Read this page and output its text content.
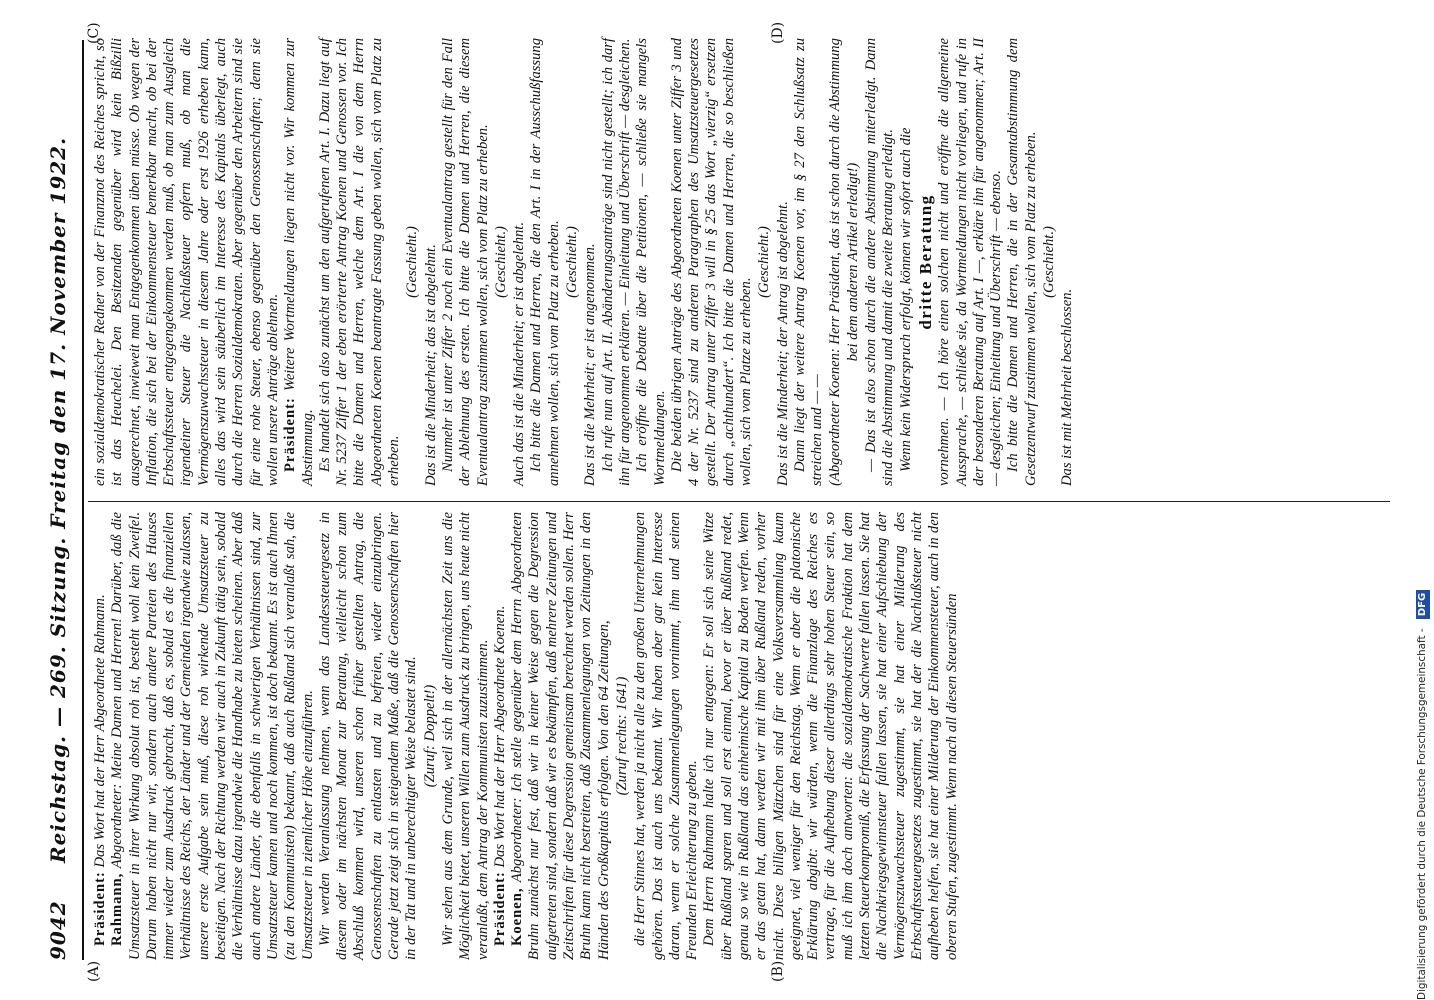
9042
Reichstag. — 269. Sitzung. Freitag den 17. November 1922.
(A)	(B)
(C)	(D)

Präsident: Das Wort hat der Herr Abgeordnete Rahmann.

Rahmann, Abgeordneter: Meine Damen und Herren! Darüber, daß die Umsatzsteuer in ihrer Wirkung absolut roh ist, besteht wohl kein Zweifel. Darum haben nicht nur wir, sondern auch andere Parteien des Hauses immer wieder zum Ausdruck gebracht, daß es, sobald es die finanziellen Verhältnisse des Reichs, der Länder und der Gemeinden irgendwie zulassen, unsere erste Aufgabe sein muß, diese roh wirkende Umsatzsteuer zu beseitigen. Nach der Richtung werden wir auch in Zukunft tätig sein, sobald die Verhältnisse dazu irgendwie die Handhabe zu bieten scheinen. Aber daß auch andere Länder, die ebenfalls in schwierigen Verhältnissen sind, zur Umsatzsteuer kamen und noch kommen, ist doch bekannt. Es ist auch Ihnen (zu den Kommunisten) bekannt, daß auch Rußland sich veranlaßt sah, die Umsatzsteuer in ziemlicher Höhe einzuführen. Wir werden Veranlassung nehmen, wenn das Landessteuergesetz in diesem oder im nächsten Monat zur Beratung, vielleicht schon zum Abschluß kommen wird, unseren schon früher gestellten Antrag, die Genossenschaften zu entlasten und zu befreien, wieder einzubringen. Gerade jetzt zeigt sich in steigendem Maße, daß die Genossenschaften hier in der Tat und in unberechtigter Weise belastet sind. (Zuruf: Doppelt!) Wir sehen aus dem Grunde, weil sich in der allernächsten Zeit uns die Möglichkeit bietet, unseren Willen zum Ausdruck zu bringen, uns heute nicht veranlaßt, dem Antrag der Kommunisten zuzustimmen. Präsident: Das Wort hat der Herr Abgeordnete Koenen.

Koenen, Abgeordneter: Ich stelle gegenüber dem Herrn Abgeordneten Bruhn zunächst nur fest, daß wir in keiner Weise gegen die Degression aufgetreten sind, sondern daß wir es bekämpfen, daß mehrere Zeitungen und Zeitschriften für diese Degression gemeinsam berechnet werden sollen. Herr Bruhn kann nicht bestreiten, daß Zusammenlegungen von Zeitungen in den Händen des Großkapitals erfolgen. Von den 64 Zeitungen, (Zuruf rechts: 1641) die Herr Stinnes hat, werden ja nicht alle zu den großen Unternehmungen gehören. Das ist auch uns bekannt. Wir haben aber gar kein Interesse daran, wenn er solche Zusammenlegungen vornimmt, ihm und seinen Freunden Erleichterung zu geben. Dem Herrn Rahmann halte ich nur entgegen: Er soll sich seine Witze über Rußland sparen und soll erst einmal, bevor er über Rußland redet, genau so wie in Rußland das einheimische Kapital zu Boden werfen. Wenn er das getan hat, dann werden wir mit ihm über Rußland reden, vorher nicht. Diese billigen Mätzchen sind für eine Volksversammlung kaum geeignet, viel weniger für den Reichstag. Wenn er aber die platonische Erklärung abgibt: wir würden, wenn die Finanzlage des Reiches es vertrage, für die Aufhebung dieser allerdings sehr hohen Steuer sein, so muß ich ihm doch antworten: die sozialdemokratische Fraktion hat dem letzten Steuerkompromiß, die Erfassung der Sachwerte fallen lassen. Sie hat die Nachkriegsgewinnsteuer fallen lassen, sie hat einer Aufschiebung der Vermögenszuwachssteuer zugestimmt, sie hat einer Milderung des Erbschaftssteuergesetzes zugestimmt, sie hat der die Nachlaßsteuer nicht aufheben helfen, sie hat einer Milderung der Einkommensteuer, auch in den oberen Stufen, zugestimmt. Wenn nach all diesen Steuersünden

ein sozialdemokratischer Redner von der Finanznot des Reiches spricht, so ist das Heuchelei. Den Besitzenden gegenüber wird kein Bißzilli ausgerechnet, inwieweit man Entgegenkommen üben müsse. Ob wegen der Inflation, die sich bei der Einkommensteuer bemerkbar macht, ob bei der Erbschaftssteuer entgegengekommen werden muß, ob man zum Ausgleich irgendeiner Steuer die Nachlaßsteuer opfern muß, ob man die Vermögenszuwachssteuer in diesem Jahre oder erst 1926 erheben kann, alles das wird sein säuberlich im Interesse des Kapitals überlegt, auch durch die Herren Sozialdemokraten. Aber gegenüber den Arbeitern sind sie für eine rohe Steuer, ebenso gegenüber den Genossenschaften; denn sie wollen unsere Anträge ablehnen. Präsident: Weitere Wortmeldungen liegen nicht vor. Wir kommen zur Abstimmung. Es handelt sich also zunächst um den aufgerufenen Art. I. Dazu liegt auf Nr. 5237 Ziffer 1 der eben erörterte Antrag Koenen und Genossen vor. Ich bitte die Damen und Herren, welche dem Art. I die von dem Herrn Abgeordneten Koenen beantragte Fassung geben wollen, sich vom Platz zu erheben.

(Geschieht.) Das ist die Minderheit; das ist abgelehnt. Nunmehr ist unter Ziffer 2 noch ein Eventualantrag gestellt für den Fall der Ablehnung des ersten. Ich bitte die Damen und Herren, die diesem Eventualantrag zustimmen wollen, sich vom Platz zu erheben. (Geschieht.) Auch das ist die Minderheit; er ist abgelehnt. Ich bitte die Damen und Herren, die den Art. I in der Ausschußfassung annehmen wollen, sich vom Platz zu erheben. (Geschieht.) Das ist die Mehrheit; er ist angenommen. Ich rufe nun auf Art. II. Abänderungsanträge sind nicht gestellt; ich darf ihn für angenommen erklären. — Einleitung und Überschrift — desgleichen. Ich eröffne die Debatte über die Petitionen, — schließe sie mangels Wortmeldungen. Die beiden übrigen Anträge des Abgeordneten Koenen unter Ziffer 3 und 4 der Nr. 5237 sind zu anderen Paragraphen des Umsatzsteuergesetzes gestellt. Der Antrag unter Ziffer 3 will in § 25 das Wort „vierzig“ ersetzen durch „achthundert“. Ich bitte die Damen und Herren, die so beschließen wollen, sich vom Platze zu erheben.

(Geschieht.) Das ist die Minderheit; der Antrag ist abgelehnt. Dann liegt der weitere Antrag Koenen vor, im § 27 den Schlußsatz zu streichen und — — (Abgeordneter Koenen: Herr Präsident, das ist schon durch die Abstimmung bei dem anderen Artikel erledigt!) — Das ist also schon durch die andere Abstimmung miterledigt. Dann sind die Abstimmung und damit die zweite Beratung erledigt. Wenn kein Widerspruch erfolgt, können wir sofort auch die dritte Beratung vornehmen. — Ich höre einen solchen nicht und eröffne die allgemeine Aussprache, — schließe sie, da Wortmeldungen nicht vorliegen, und rufe in der besonderen Beratung auf Art. I —, erkläre ihn für angenommen; Art. II — desgleichen; Einleitung und Überschrift — ebenso. Ich bitte die Damen und Herren, die in der Gesamtabstimmung dem Gesetzentwurf zustimmen wollen, sich vom Platz zu erheben. (Geschieht.)

Das ist mit Mehrheit beschlossen.

Digitalisierung gefördert durch die Deutsche Forschungsgemeinschaft - DFG
